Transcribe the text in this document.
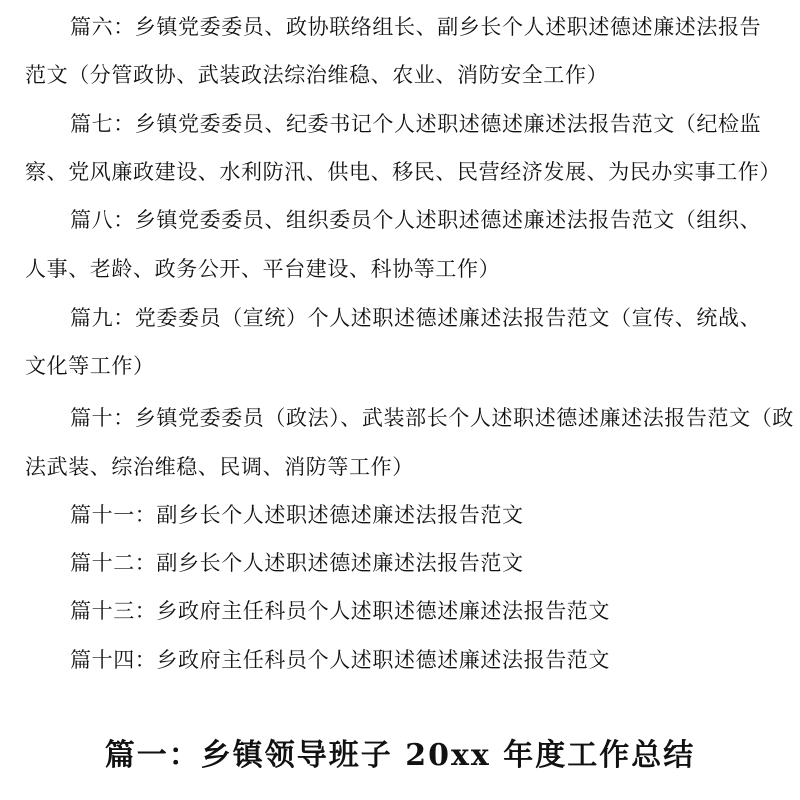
篇六：乡镇党委委员、政协联络组长、副乡长个人述职述德述廉述法报告
范文（分管政协、武装政法综治维稳、农业、消防安全工作）
篇七：乡镇党委委员、纪委书记个人述职述德述廉述法报告范文（纪检监
察、党风廉政建设、水利防汛、供电、移民、民营经济发展、为民办实事工作）
篇八：乡镇党委委员、组织委员个人述职述德述廉述法报告范文（组织、
人事、老龄、政务公开、平台建设、科协等工作）
篇九：党委委员（宣统）个人述职述德述廉述法报告范文（宣传、统战、
文化等工作）
篇十：乡镇党委委员（政法）、武装部长个人述职述德述廉述法报告范文（政
法武装、综治维稳、民调、消防等工作）
篇十一：副乡长个人述职述德述廉述法报告范文
篇十二：副乡长个人述职述德述廉述法报告范文
篇十三：乡政府主任科员个人述职述德述廉述法报告范文
篇十四：乡政府主任科员个人述职述德述廉述法报告范文
篇一：乡镇领导班子 20xx 年度工作总结
